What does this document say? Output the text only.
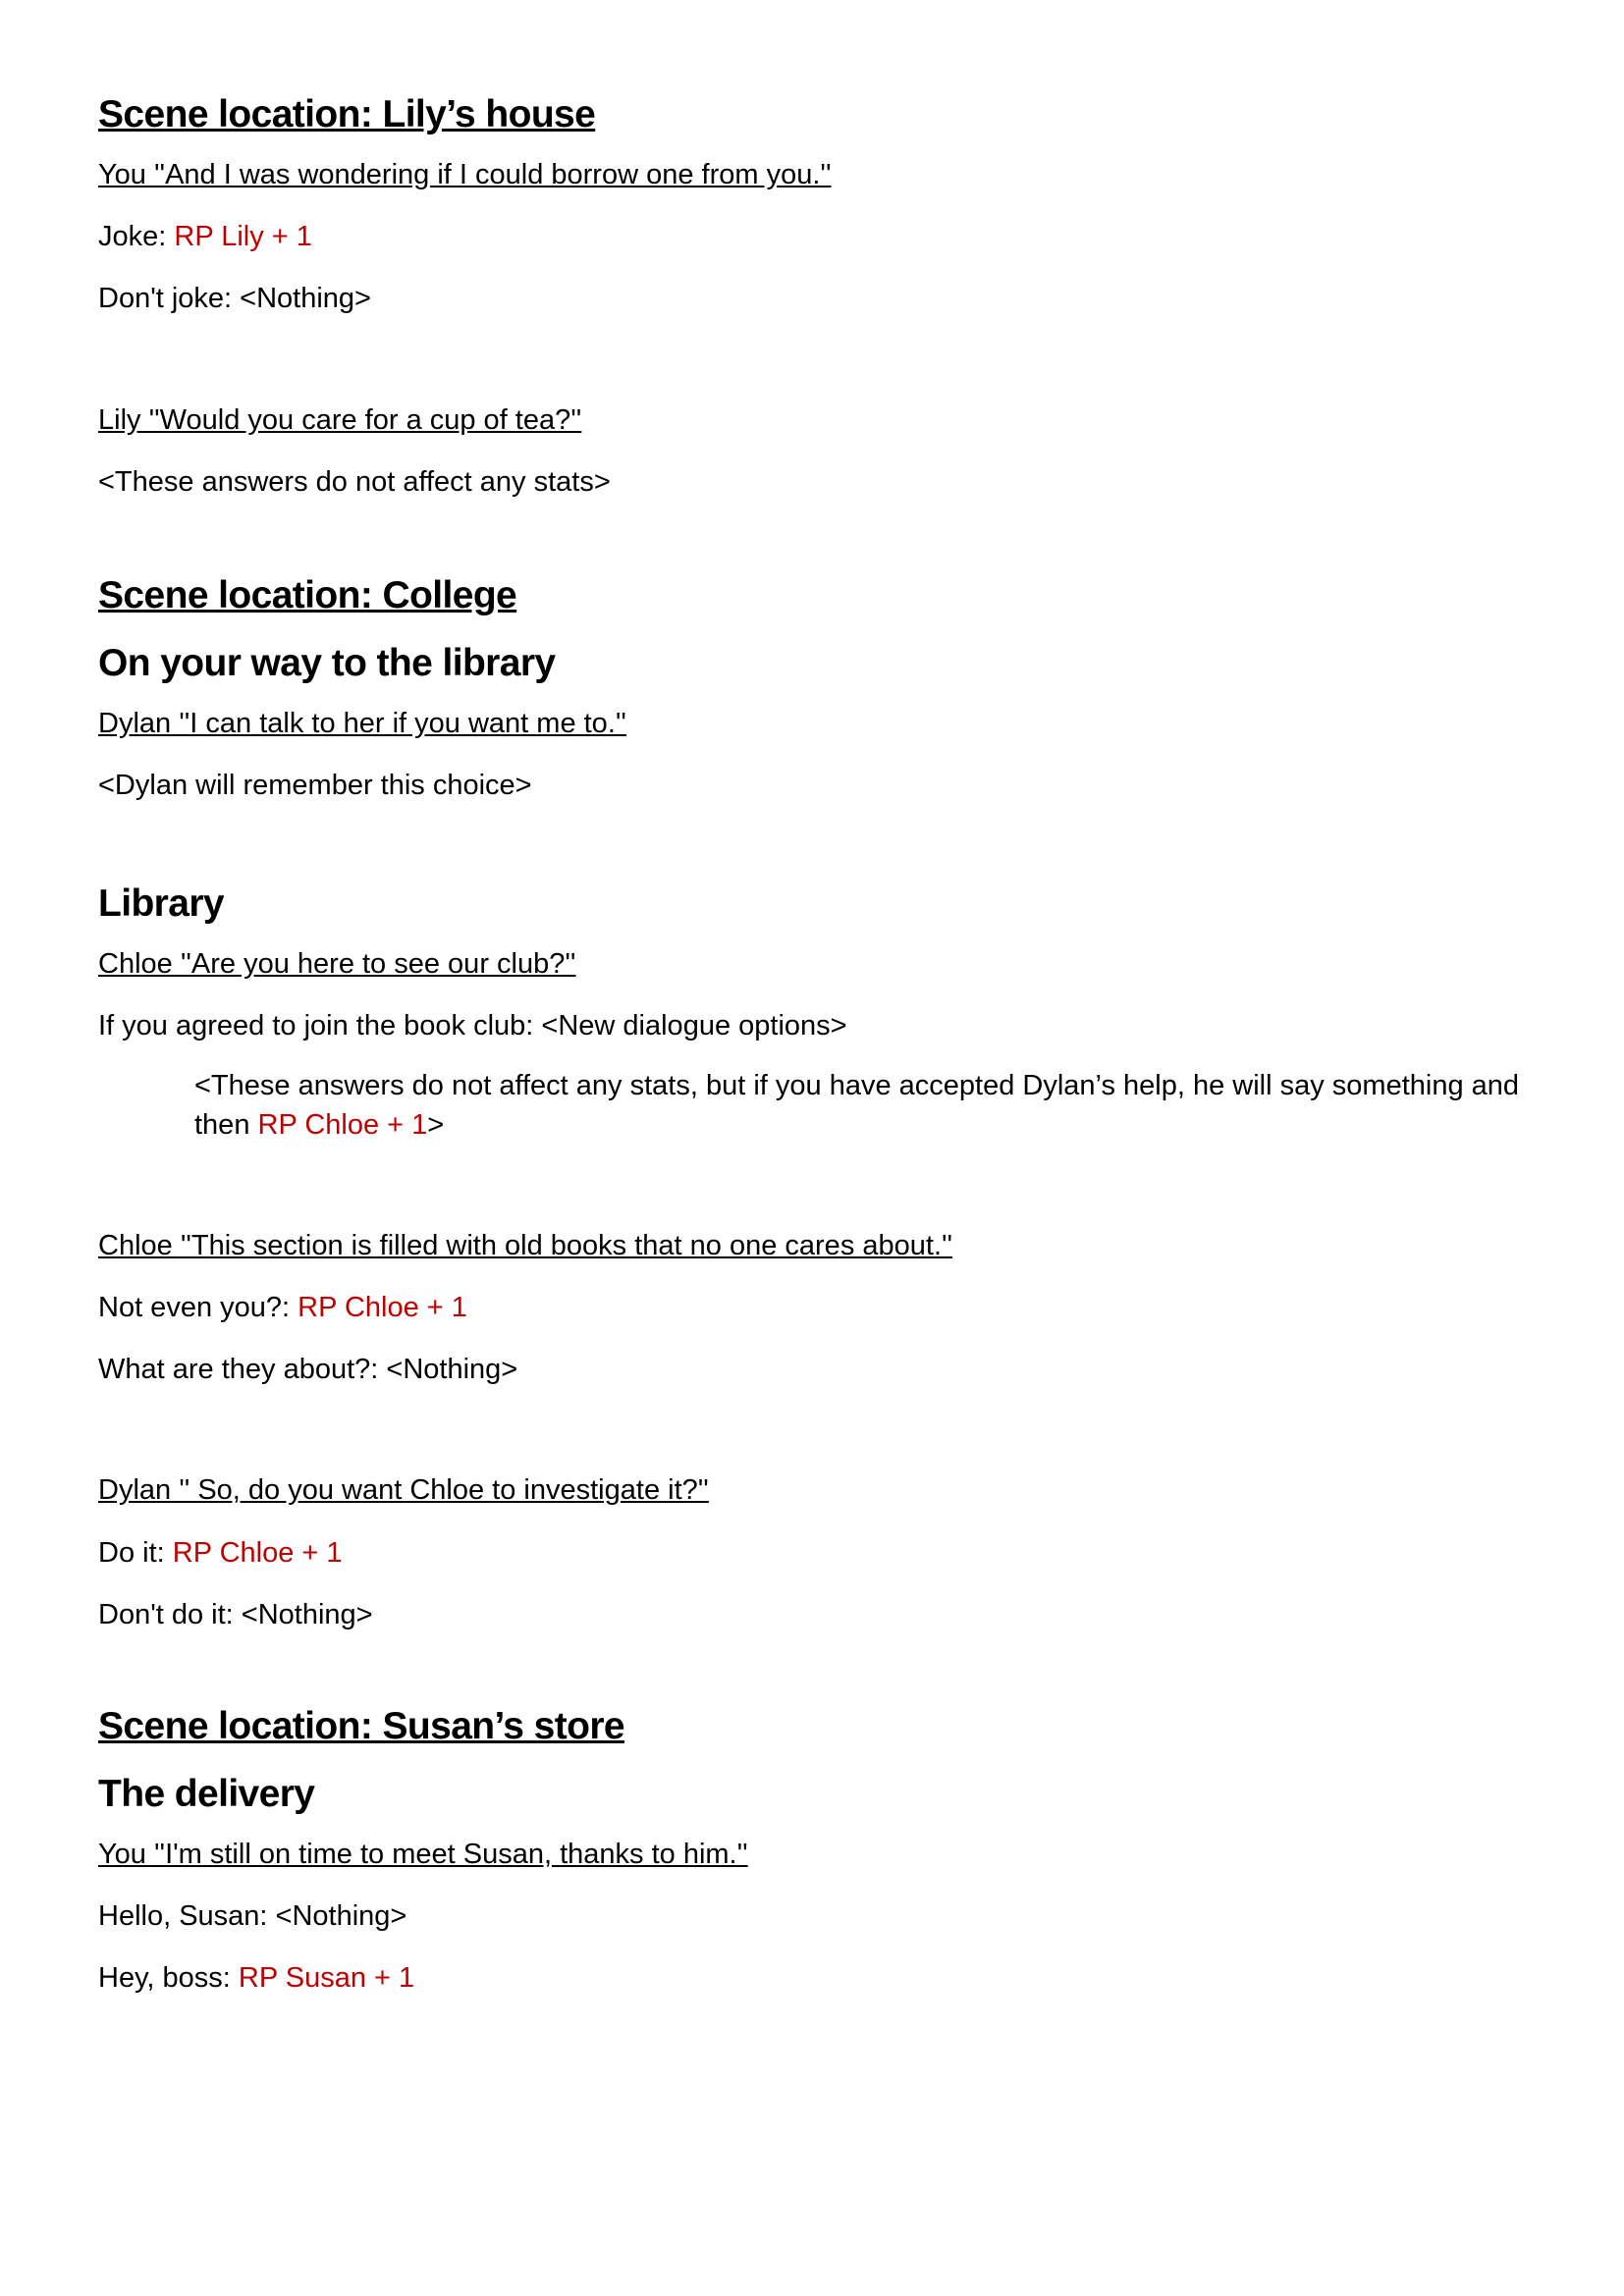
Scene location: Lily’s house

You ''And I was wondering if I could borrow one from you.''

Joke: RP Lily + 1

Don't joke: <Nothing>

Lily ''Would you care for a cup of tea?''

<These answers do not affect any stats>

Scene location: College

On your way to the library

Dylan ''I can talk to her if you want me to.''

<Dylan will remember this choice>

Library

Chloe ''Are you here to see our club?''

If you agreed to join the book club: <New dialogue options>

<These answers do not affect any stats, but if you have accepted Dylan’s help, he will say something and then RP Chloe + 1>

Chloe ''This section is filled with old books that no one cares about.''

Not even you?: RP Chloe + 1

What are they about?: <Nothing>

Dylan '' So, do you want Chloe to investigate it?''

Do it: RP Chloe + 1

Don't do it: <Nothing>

Scene location: Susan’s store

The delivery

You ''I'm still on time to meet Susan, thanks to him.''

Hello, Susan: <Nothing>

Hey, boss: RP Susan + 1
